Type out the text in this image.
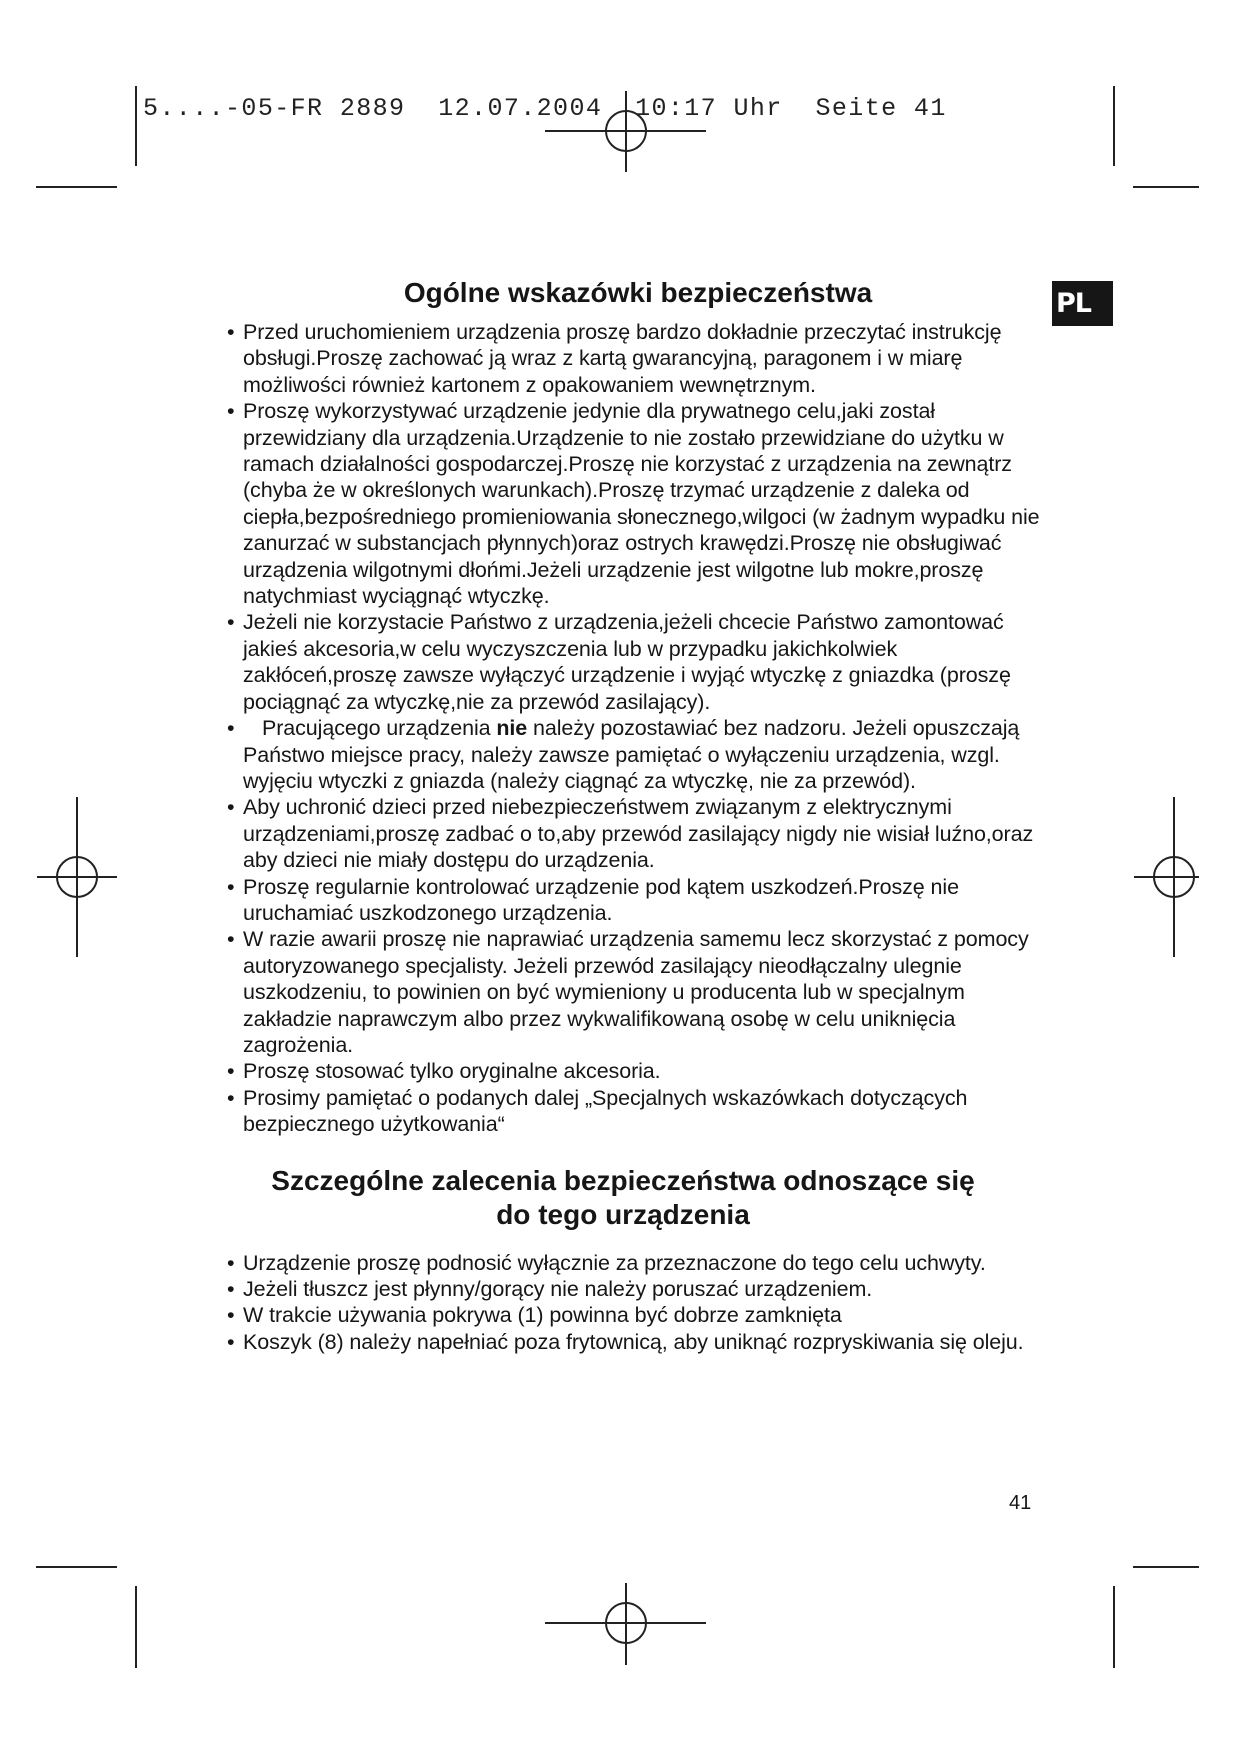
5....-05-FR 2889  12.07.2004  10:17 Uhr  Seite 41
PL
Ogólne wskazówki bezpieczeństwa
• Przed uruchomieniem urządzenia proszę bardzo dokładnie przeczytać instrukcję obsługi.Proszę zachować ją wraz z kartą gwarancyjną, paragonem i w miarę możliwości również kartonem z opakowaniem wewnętrznym.
• Proszę wykorzystywać urządzenie jedynie dla prywatnego celu,jaki został przewidziany dla urządzenia.Urządzenie to nie zostało przewidziane do użytku w ramach działalności gospodarczej.Proszę nie korzystać z urządzenia na zewnątrz (chyba że w określonych warunkach).Proszę trzymać urządzenie z daleka od ciepła,bezpośredniego promieniowania słonecznego,wilgoci (w żadnym wypadku nie zanurzać w substancjach płynnych)oraz ostrych krawędzi.Proszę nie obsługiwać urządzenia wilgotnymi dłońmi.Jeżeli urządzenie jest wilgotne lub mokre,proszę natychmiast wyciągnąć wtyczkę.
• Jeżeli nie korzystacie Państwo z urządzenia,jeżeli chcecie Państwo zamontować jakieś akcesoria,w celu wyczyszczenia lub w przypadku jakichkolwiek zakłóceń,proszę zawsze wyłączyć urządzenie i wyjąć wtyczkę z gniazdka (proszę pociągnąć za wtyczkę,nie za przewód zasilający).
• Pracującego urządzenia nie należy pozostawiać bez nadzoru. Jeżeli opuszczają Państwo miejsce pracy, należy zawsze pamiętać o wyłączeniu urządzenia, wzgl. wyjęciu wtyczki z gniazda (należy ciągnąć za wtyczkę, nie za przewód).
• Aby uchronić dzieci przed niebezpieczeństwem związanym z elektrycznymi urządzeniami,proszę zadbać o to,aby przewód zasilający nigdy nie wisiał luźno,oraz aby dzieci nie miały dostępu do urządzenia.
• Proszę regularnie kontrolować urządzenie pod kątem uszkodzeń.Proszę nie uruchamiać uszkodzonego urządzenia.
• W razie awarii proszę nie naprawiać urządzenia samemu lecz skorzystać z pomocy autoryzowanego specjalisty. Jeżeli przewód zasilający nieodłączalny ulegnie uszkodzeniu, to powinien on być wymieniony u producenta lub w specjalnym zakładzie naprawczym albo przez wykwalifikowaną osobę w celu uniknięcia zagrożenia.
• Proszę stosować tylko oryginalne akcesoria.
• Prosimy pamiętać o podanych dalej „Specjalnych wskazówkach dotyczących bezpiecznego użytkowania“
Szczególne zalecenia bezpieczeństwa odnoszące się
do tego urządzenia
• Urządzenie proszę podnosić wyłącznie za przeznaczone do tego celu uchwyty.
• Jeżeli tłuszcz jest płynny/gorący nie należy poruszać urządzeniem.
• W trakcie używania pokrywa (1) powinna być dobrze zamknięta
• Koszyk (8) należy napełniać poza frytownicą, aby uniknąć rozpryskiwania się oleju.
41
